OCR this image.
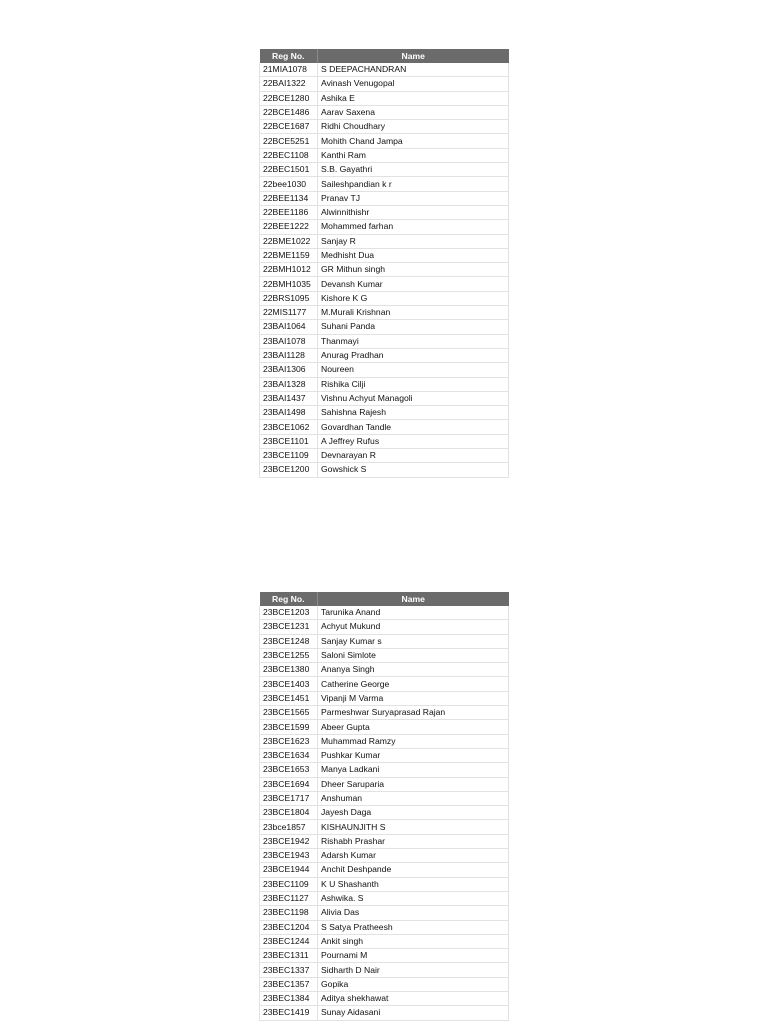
Reg No.	Name
21MIA1078	S DEEPACHANDRAN
22BAI1322	Avinash Venugopal
22BCE1280	Ashika E
22BCE1486	Aarav Saxena
22BCE1687	Ridhi Choudhary
22BCE5251	Mohith Chand Jampa
22BEC1108	Kanthi Ram
22BEC1501	S.B. Gayathri
22bee1030	Saileshpandian k r
22BEE1134	Pranav TJ
22BEE1186	Alwinnithishr
22BEE1222	Mohammed farhan
22BME1022	Sanjay R
22BME1159	Medhisht Dua
22BMH1012	GR Mithun singh
22BMH1035	Devansh Kumar
22BRS1095	Kishore K G
22MIS1177	M.Murali Krishnan
23BAI1064	Suhani Panda
23BAI1078	Thanmayi
23BAI1128	Anurag Pradhan
23BAI1306	Noureen
23BAI1328	Rishika Cilji
23BAI1437	Vishnu Achyut Managoli
23BAI1498	Sahishna Rajesh
23BCE1062	Govardhan Tandle
23BCE1101	A Jeffrey Rufus
23BCE1109	Devnarayan R
23BCE1200	Gowshick S
Reg No.	Name
23BCE1203	Tarunika Anand
23BCE1231	Achyut Mukund
23BCE1248	Sanjay Kumar s
23BCE1255	Saloni Simlote
23BCE1380	Ananya Singh
23BCE1403	Catherine George
23BCE1451	Vipanji M Varma
23BCE1565	Parmeshwar Suryaprasad Rajan
23BCE1599	Abeer Gupta
23BCE1623	Muhammad Ramzy
23BCE1634	Pushkar Kumar
23BCE1653	Manya Ladkani
23BCE1694	Dheer Saruparia
23BCE1717	Anshuman
23BCE1804	Jayesh Daga
23bce1857	KISHAUNJITH S
23BCE1942	Rishabh Prashar
23BCE1943	Adarsh Kumar
23BCE1944	Anchit Deshpande
23BEC1109	K U Shashanth
23BEC1127	Ashwika. S
23BEC1198	Alivia Das
23BEC1204	S Satya Pratheesh
23BEC1244	Ankit singh
23BEC1311	Pournami M
23BEC1337	Sidharth D Nair
23BEC1357	Gopika
23BEC1384	Aditya shekhawat
23BEC1419	Sunay Aidasani
